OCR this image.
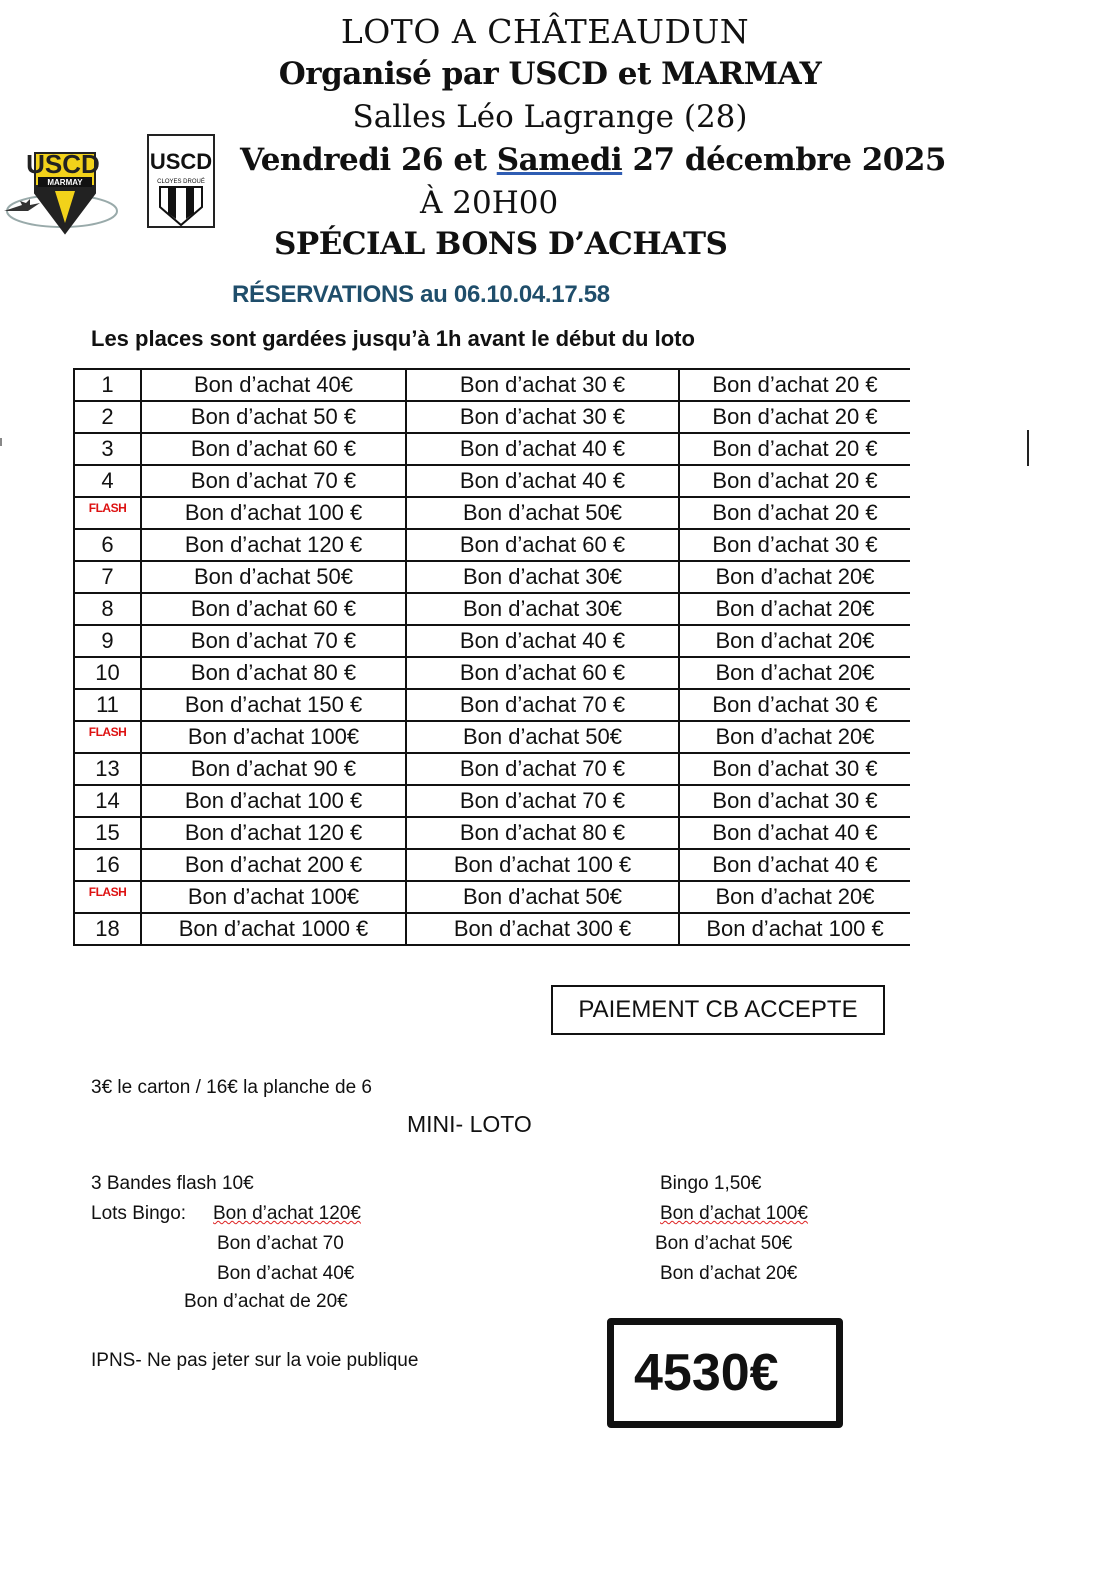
LOTO A CHÂTEAUDUN
Organisé par USCD et MARMAY
Salles Léo Lagrange (28)
Vendredi 26 et Samedi 27 décembre 2025
À 20H00
SPÉCIAL BONS D’ACHATS
RÉSERVATIONS au 06.10.04.17.58
Les places sont gardées jusqu’à 1h avant le début du loto
MARMAY
USCD USCD
CLOYES DROUÉ
1	Bon d’achat 40€	Bon d’achat 30 €	Bon d’achat 20 €
2	Bon d’achat 50 €	Bon d’achat 30 €	Bon d’achat 20 €
3	Bon d’achat 60 €	Bon d’achat 40 €	Bon d’achat 20 €
4	Bon d’achat 70 €	Bon d’achat 40 €	Bon d’achat 20 €
$^{FLASH}$	Bon d’achat 100 €	Bon d’achat 50€	Bon d’achat 20 €
6	Bon d’achat 120 €	Bon d’achat 60 €	Bon d’achat 30 €
7	Bon d’achat 50€	Bon d’achat 30€	Bon d’achat 20€
8	Bon d’achat 60 €	Bon d’achat 30€	Bon d’achat 20€
9	Bon d’achat 70 €	Bon d’achat 40 €	Bon d’achat 20€
10	Bon d’achat 80 €	Bon d’achat 60 €	Bon d’achat 20€
11	Bon d’achat 150 €	Bon d’achat 70 €	Bon d’achat 30 €
$^{FLASH}$	Bon d’achat 100€	Bon d’achat 50€	Bon d’achat 20€
13	Bon d’achat 90 €	Bon d’achat 70 €	Bon d’achat 30 €
14	Bon d’achat 100 €	Bon d’achat 70 €	Bon d’achat 30 €
15	Bon d’achat 120 €	Bon d’achat 80 €	Bon d’achat 40 €
16	Bon d’achat 200 €	Bon d’achat 100 €	Bon d’achat 40 €
$^{FLASH}$	Bon d’achat 100€	Bon d’achat 50€	Bon d’achat 20€
18	Bon d’achat 1000 €	Bon d’achat 300 €	Bon d’achat 100 €
PAIEMENT CB ACCEPTE
3€ le carton / 16€ la planche de 6
MINI- LOTO
3 Bandes flash 10€
Lots Bingo: Bon d’achat 120€
Bon d’achat 70
Bon d’achat 40€
Bon d’achat de 20€
Bingo 1,50€
Bon d’achat 100€
Bon d’achat 50€
Bon d’achat 20€
IPNS- Ne pas jeter sur la voie publique	4530€
